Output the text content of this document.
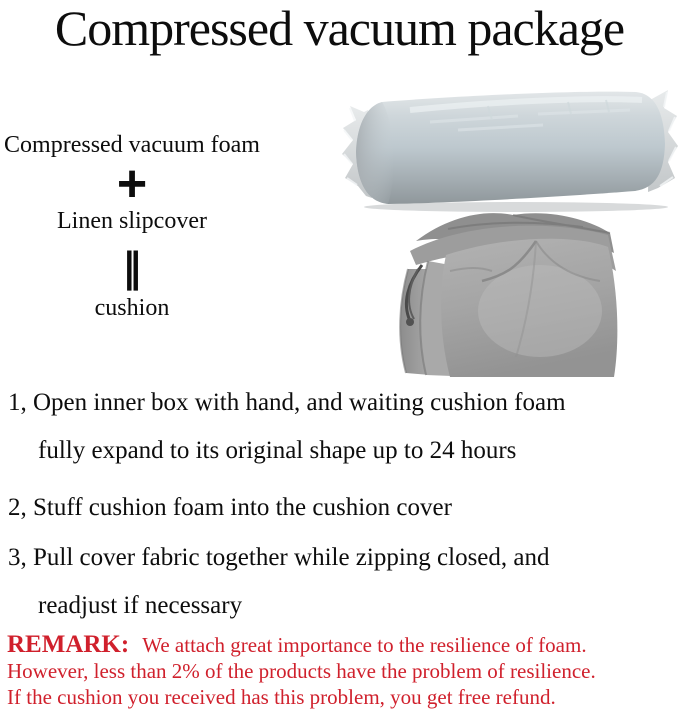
Compressed vacuum package
Compressed vacuum foam
+
Linen slipcover
‖
cushion
1, Open inner box with hand, and waiting cushion foam
fully expand to its original shape up to 24 hours
2, Stuff cushion foam into the cushion cover
3, Pull cover fabric together while zipping closed, and
readjust if necessary
REMARK: We attach great importance to the resilience of foam.
However, less than 2% of the products have the problem of resilience.
If the cushion you received has this problem, you get free refund.
